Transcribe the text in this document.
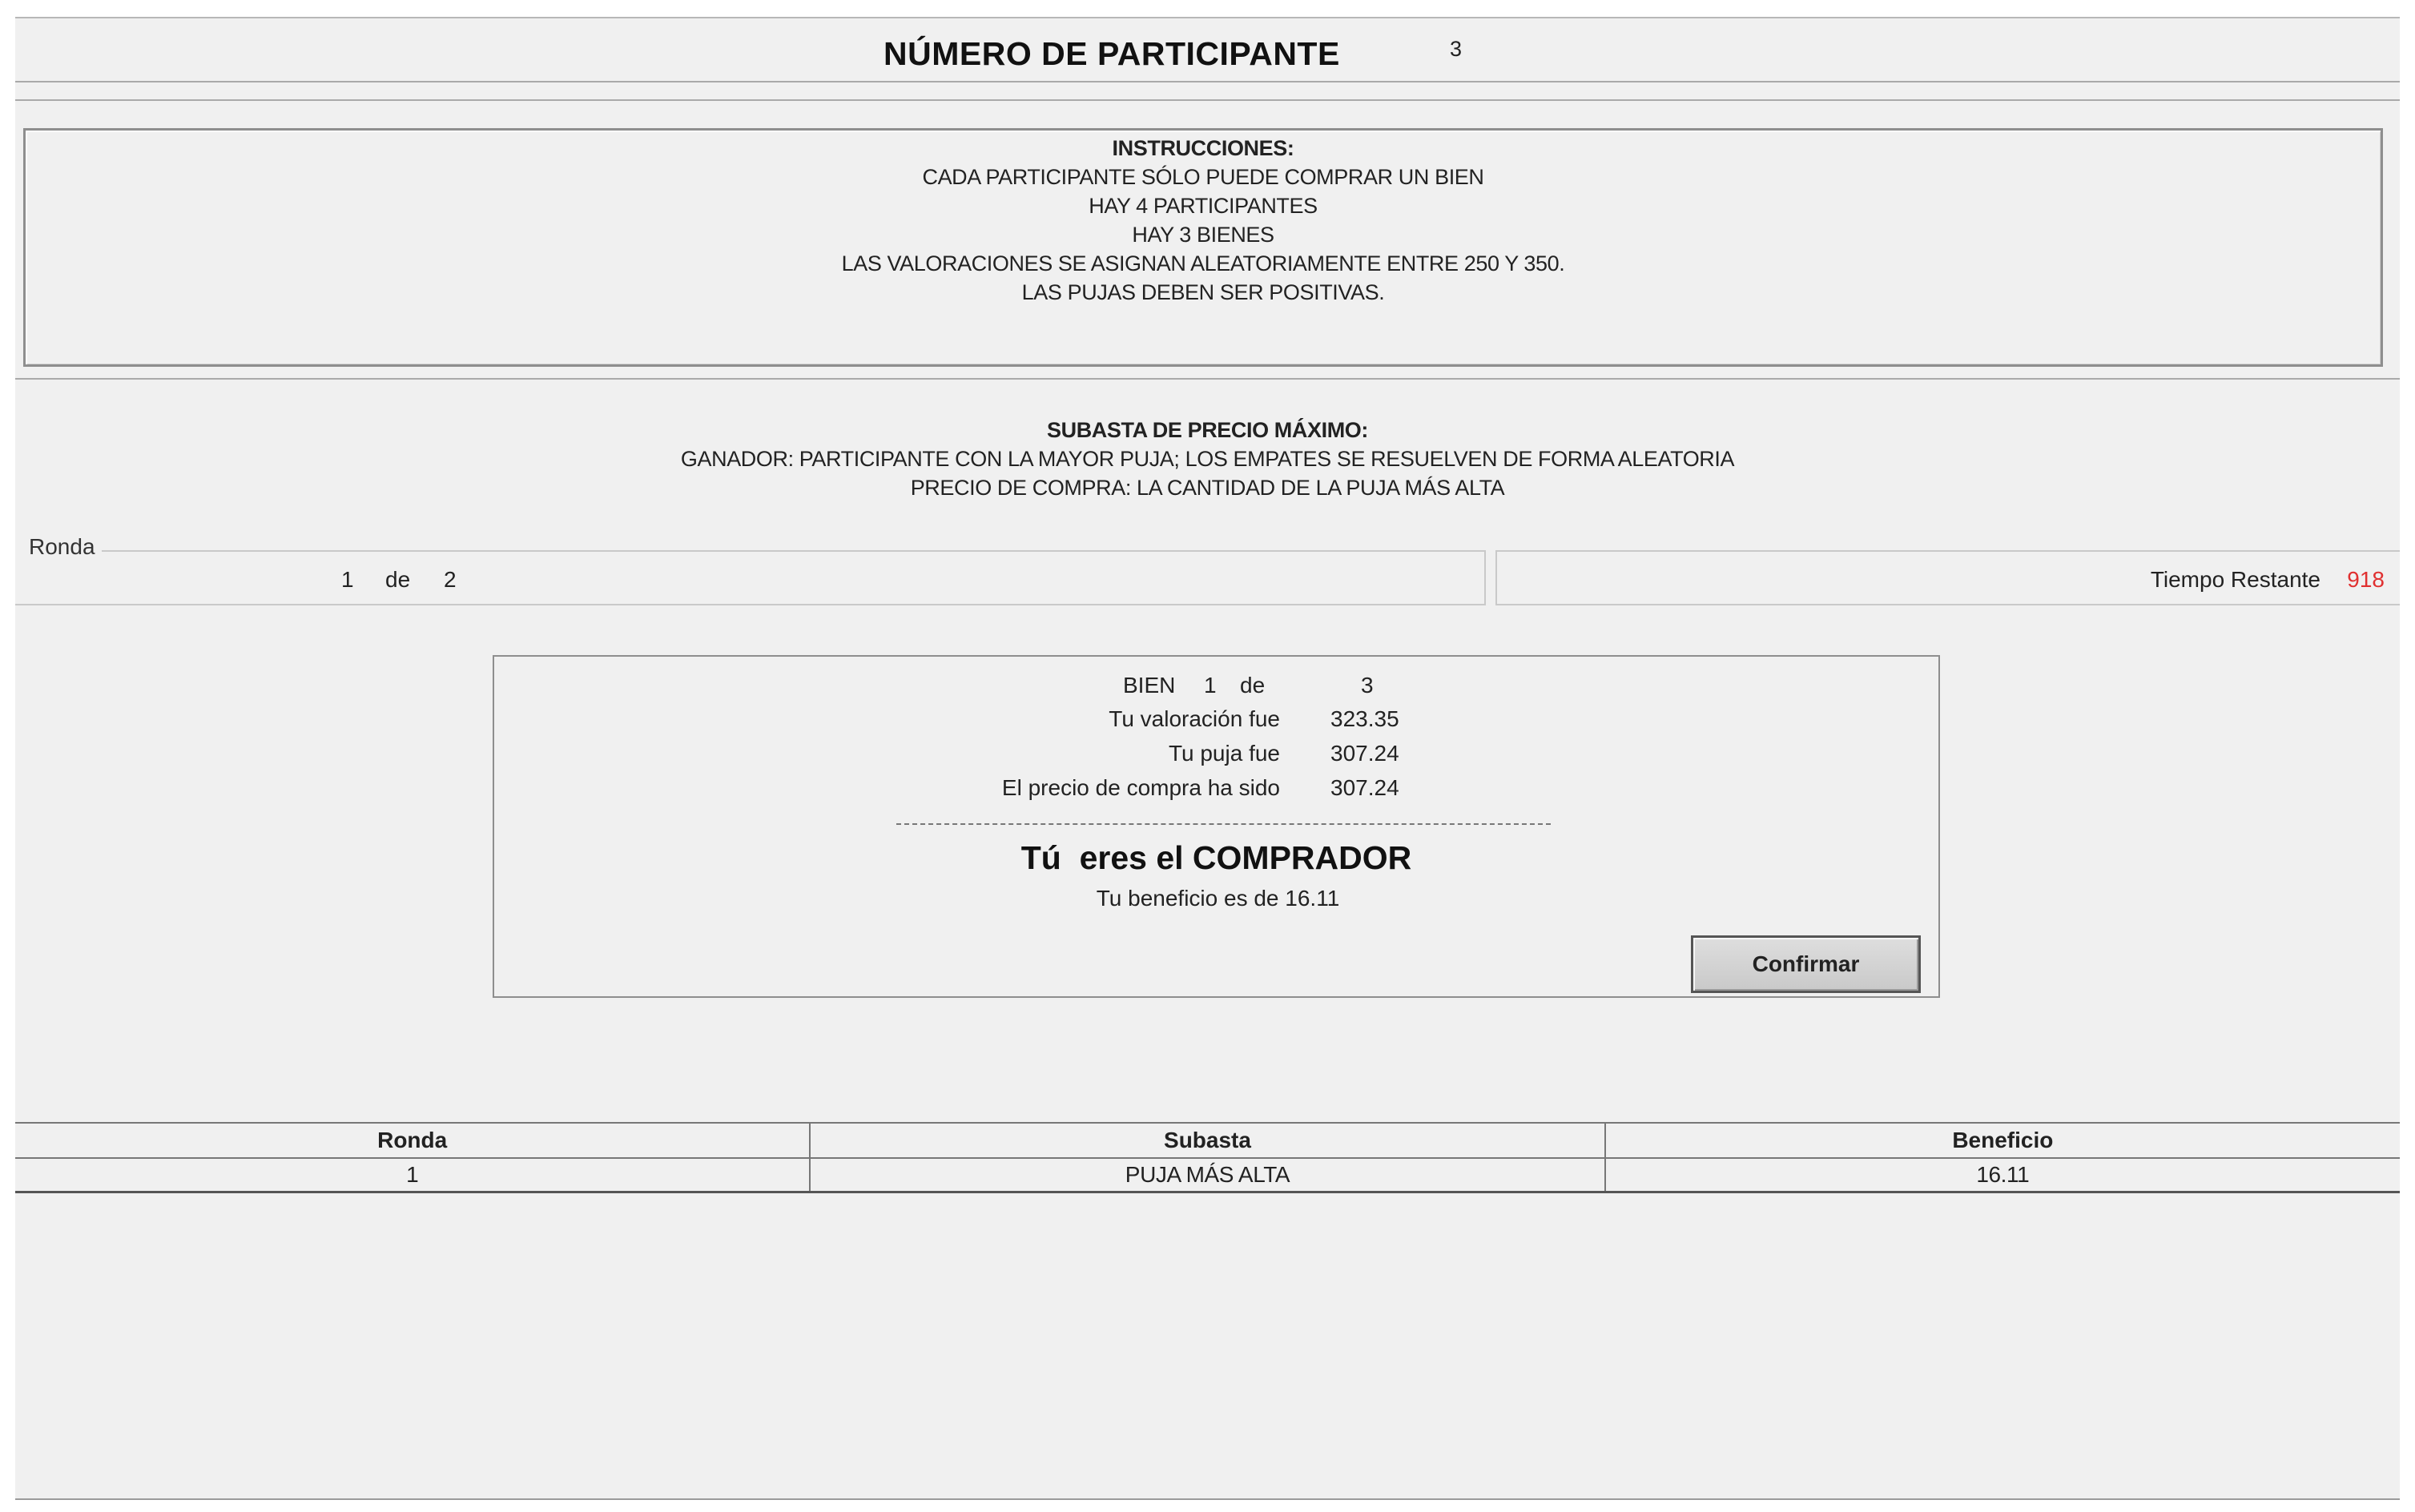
NÚMERO DE PARTICIPANTE	3
INSTRUCCIONES:
CADA PARTICIPANTE SÓLO PUEDE COMPRAR UN BIEN
HAY 4 PARTICIPANTES
HAY 3 BIENES
LAS VALORACIONES SE ASIGNAN ALEATORIAMENTE ENTRE 250 Y 350.
LAS PUJAS DEBEN SER POSITIVAS.
SUBASTA DE PRECIO MÁXIMO:
GANADOR: PARTICIPANTE CON LA MAYOR PUJA; LOS EMPATES SE RESUELVEN DE FORMA ALEATORIA
PRECIO DE COMPRA: LA CANTIDAD DE LA PUJA MÁS ALTA
Ronda
1 de 2	Tiempo Restante 918
BIEN 1 de	3
Tu valoración fue 323.35
Tu puja fue 307.24
El precio de compra ha sido 307.24
Tú  eres el COMPRADOR
Tu beneficio es de 16.11
Confirmar
Ronda	Subasta	Beneficio
1	PUJA MÁS ALTA	16.11
